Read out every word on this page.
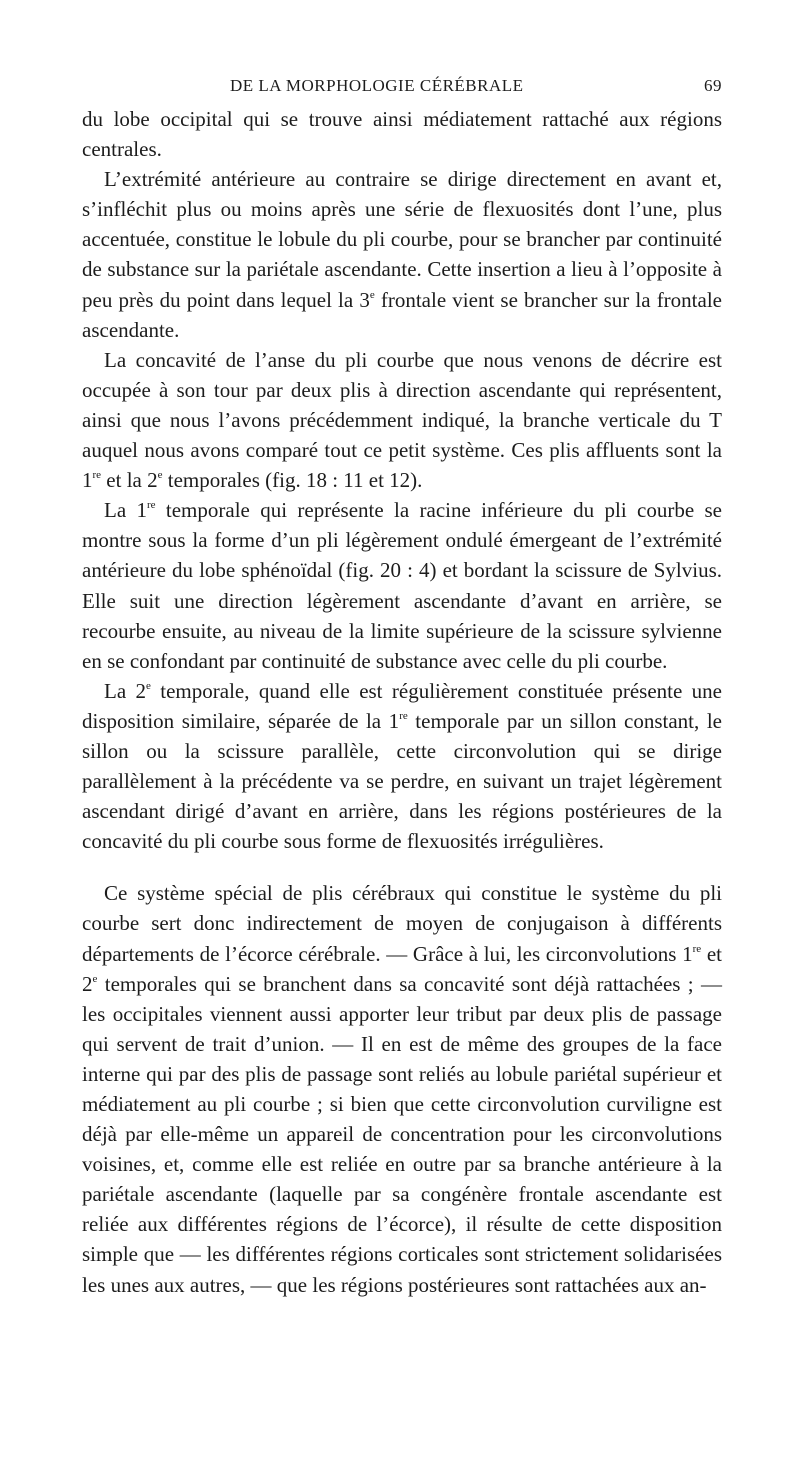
DE LA MORPHOLOGIE CÉRÉBRALE	69

du lobe occipital qui se trouve ainsi médiatement rattaché aux régions centrales.

L’extrémité antérieure au contraire se dirige directement en avant et, s’infléchit plus ou moins après une série de flexuosités dont l’une, plus accentuée, constitue le lobule du pli courbe, pour se brancher par continuité de substance sur la pariétale ascendante. Cette insertion a lieu à l’opposite à peu près du point dans lequel la 3e frontale vient se brancher sur la frontale ascendante.

La concavité de l’anse du pli courbe que nous venons de décrire est occupée à son tour par deux plis à direction ascendante qui représentent, ainsi que nous l’avons précédemment indiqué, la branche verticale du T auquel nous avons comparé tout ce petit système. Ces plis affluents sont la 1re et la 2e temporales (fig. 18 : 11 et 12).

La 1re temporale qui représente la racine inférieure du pli courbe se montre sous la forme d’un pli légèrement ondulé émergeant de l’extrémité antérieure du lobe sphénoïdal (fig. 20 : 4) et bordant la scissure de Sylvius. Elle suit une direction légèrement ascendante d’avant en arrière, se recourbe ensuite, au niveau de la limite supérieure de la scissure sylvienne en se confondant par continuité de substance avec celle du pli courbe.

La 2e temporale, quand elle est régulièrement constituée présente une disposition similaire, séparée de la 1re temporale par un sillon constant, le sillon ou la scissure parallèle, cette circonvolution qui se dirige parallèlement à la précédente va se perdre, en suivant un trajet légèrement ascendant dirigé d’avant en arrière, dans les régions postérieures de la concavité du pli courbe sous forme de flexuosités irrégulières.

Ce système spécial de plis cérébraux qui constitue le système du pli courbe sert donc indirectement de moyen de conjugaison à différents départements de l’écorce cérébrale. — Grâce à lui, les circonvolutions 1re et 2e temporales qui se branchent dans sa concavité sont déjà rattachées ; — les occipitales viennent aussi apporter leur tribut par deux plis de passage qui servent de trait d’union. — Il en est de même des groupes de la face interne qui par des plis de passage sont reliés au lobule pariétal supérieur et médiatement au pli courbe ; si bien que cette circonvolution curviligne est déjà par elle-même un appareil de concentration pour les circonvolutions voisines, et, comme elle est reliée en outre par sa branche antérieure à la pariétale ascendante (laquelle par sa congénère frontale ascendante est reliée aux différentes régions de l’écorce), il résulte de cette disposition simple que — les différentes régions corticales sont strictement solidarisées les unes aux autres, — que les régions postérieures sont rattachées aux an-
